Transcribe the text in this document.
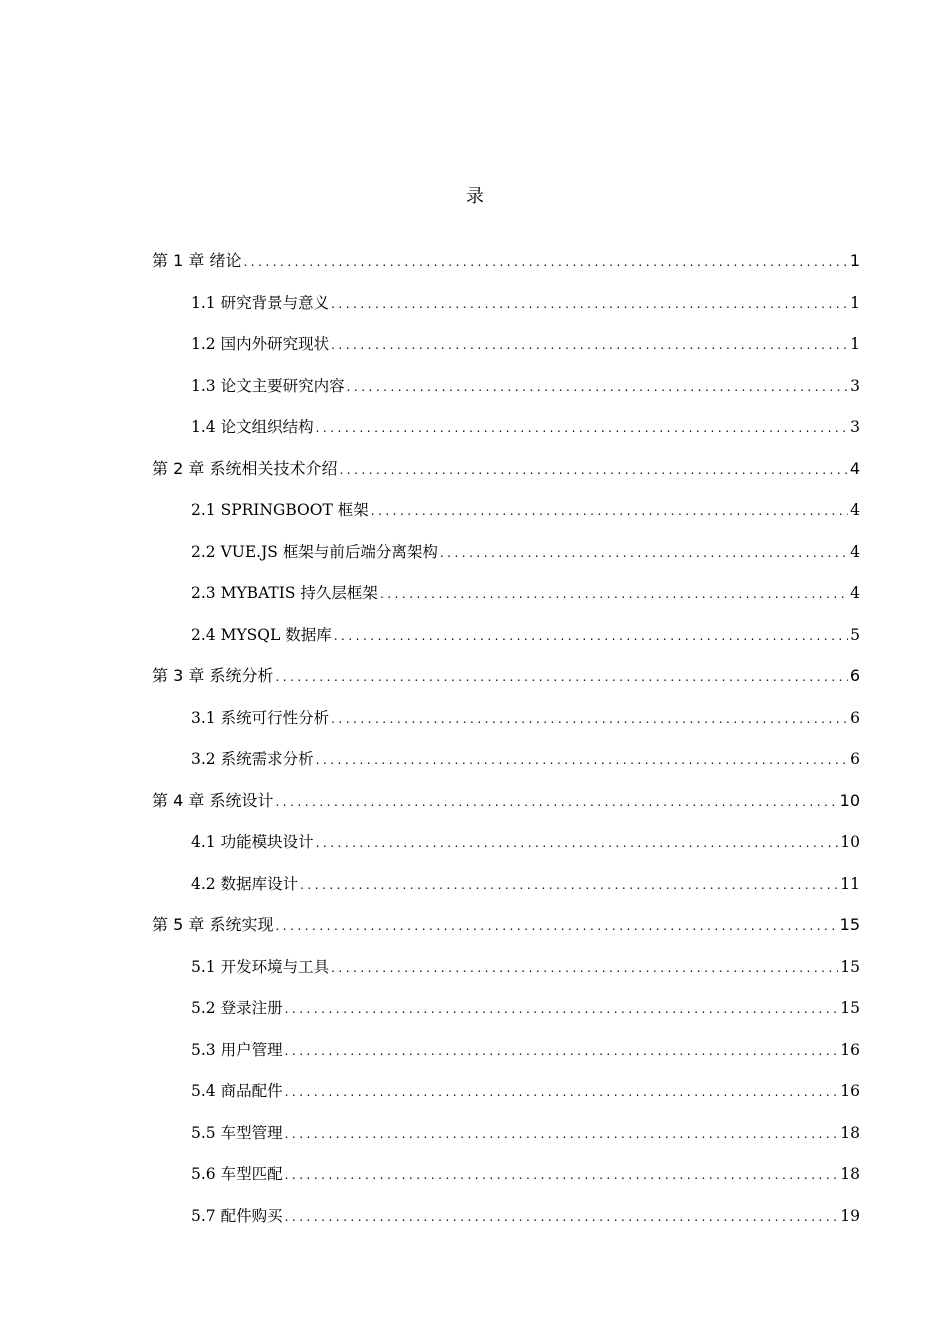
录
第 1 章 绪论 .....	1
1.1 研究背景与意义 .....	1
1.2 国内外研究现状 .....	1
1.3 论文主要研究内容 .....	3
1.4 论文组织结构 .....	3
第 2 章 系统相关技术介绍 .....	4
2.1 SPRINGBOOT 框架 .....	4
2.2 VUE.JS 框架与前后端分离架构 .....	4
2.3 MYBATIS 持久层框架 .....	4
2.4 MYSQL 数据库 .....	5
第 3 章 系统分析 .....	6
3.1 系统可行性分析 .....	6
3.2 系统需求分析 .....	6
第 4 章 系统设计 .....	10
4.1 功能模块设计 .....	10
4.2 数据库设计 .....	11
第 5 章 系统实现 .....	15
5.1 开发环境与工具 .....	15
5.2 登录注册 .....	15
5.3 用户管理 .....	16
5.4 商品配件 .....	16
5.5 车型管理 .....	18
5.6 车型匹配 .....	18
5.7 配件购买 .....	19
